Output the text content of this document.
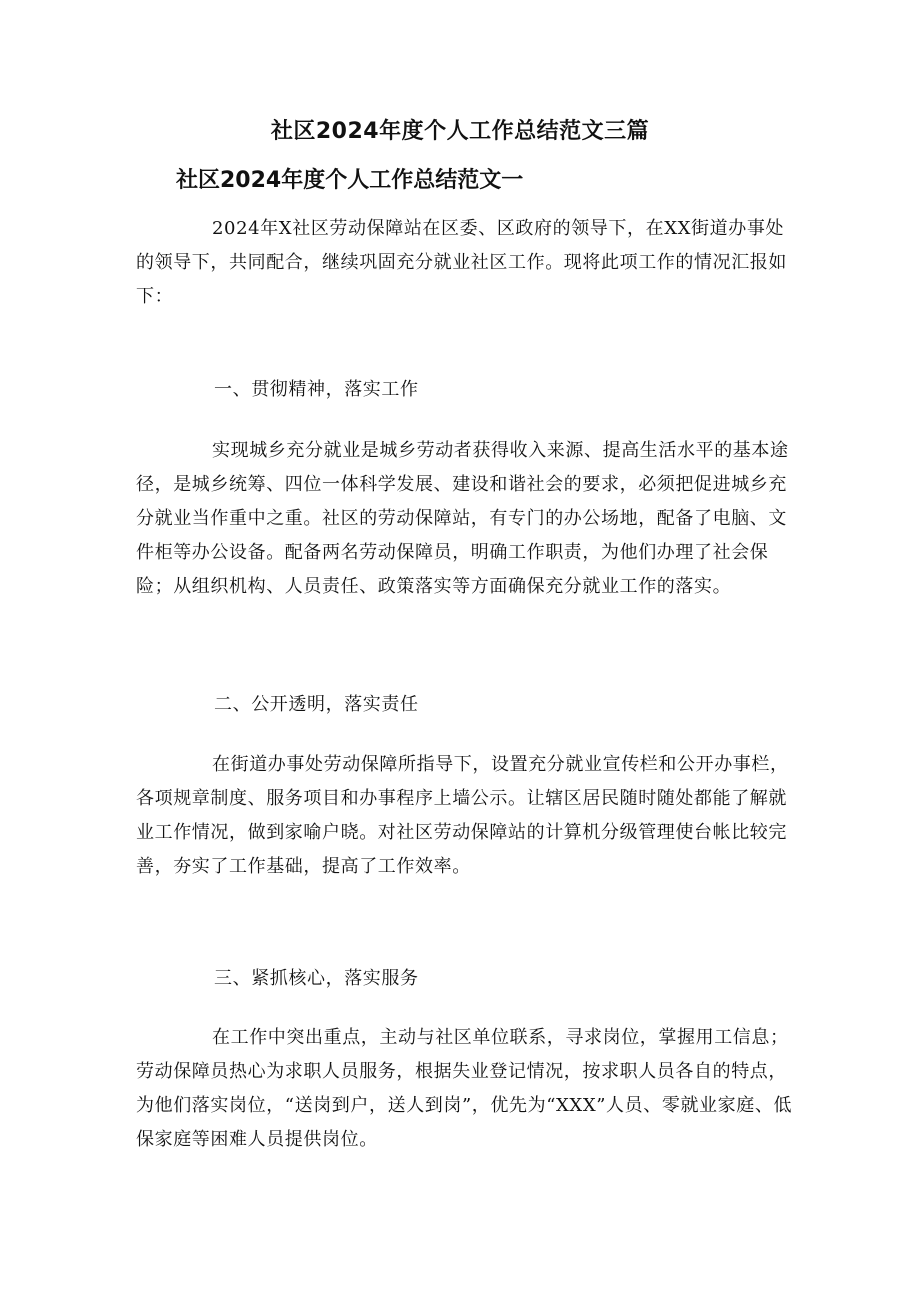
社区2024年度个人工作总结范文三篇
社区2024年度个人工作总结范文一
2024年X社区劳动保障站在区委、区政府的领导下，在XX街道办事处的领导下，共同配合，继续巩固充分就业社区工作。现将此项工作的情况汇报如下：
一、贯彻精神，落实工作
实现城乡充分就业是城乡劳动者获得收入来源、提高生活水平的基本途径，是城乡统筹、四位一体科学发展、建设和谐社会的要求，必须把促进城乡充分就业当作重中之重。社区的劳动保障站，有专门的办公场地，配备了电脑、文件柜等办公设备。配备两名劳动保障员，明确工作职责，为他们办理了社会保险；从组织机构、人员责任、政策落实等方面确保充分就业工作的落实。
二、公开透明，落实责任
在街道办事处劳动保障所指导下，设置充分就业宣传栏和公开办事栏，各项规章制度、服务项目和办事程序上墙公示。让辖区居民随时随处都能了解就业工作情况，做到家喻户晓。对社区劳动保障站的计算机分级管理使台帐比较完善，夯实了工作基础，提高了工作效率。
三、紧抓核心，落实服务
在工作中突出重点，主动与社区单位联系，寻求岗位，掌握用工信息；劳动保障员热心为求职人员服务，根据失业登记情况，按求职人员各自的特点，为他们落实岗位，“送岗到户，送人到岗”，优先为“XXX”人员、零就业家庭、低保家庭等困难人员提供岗位。
